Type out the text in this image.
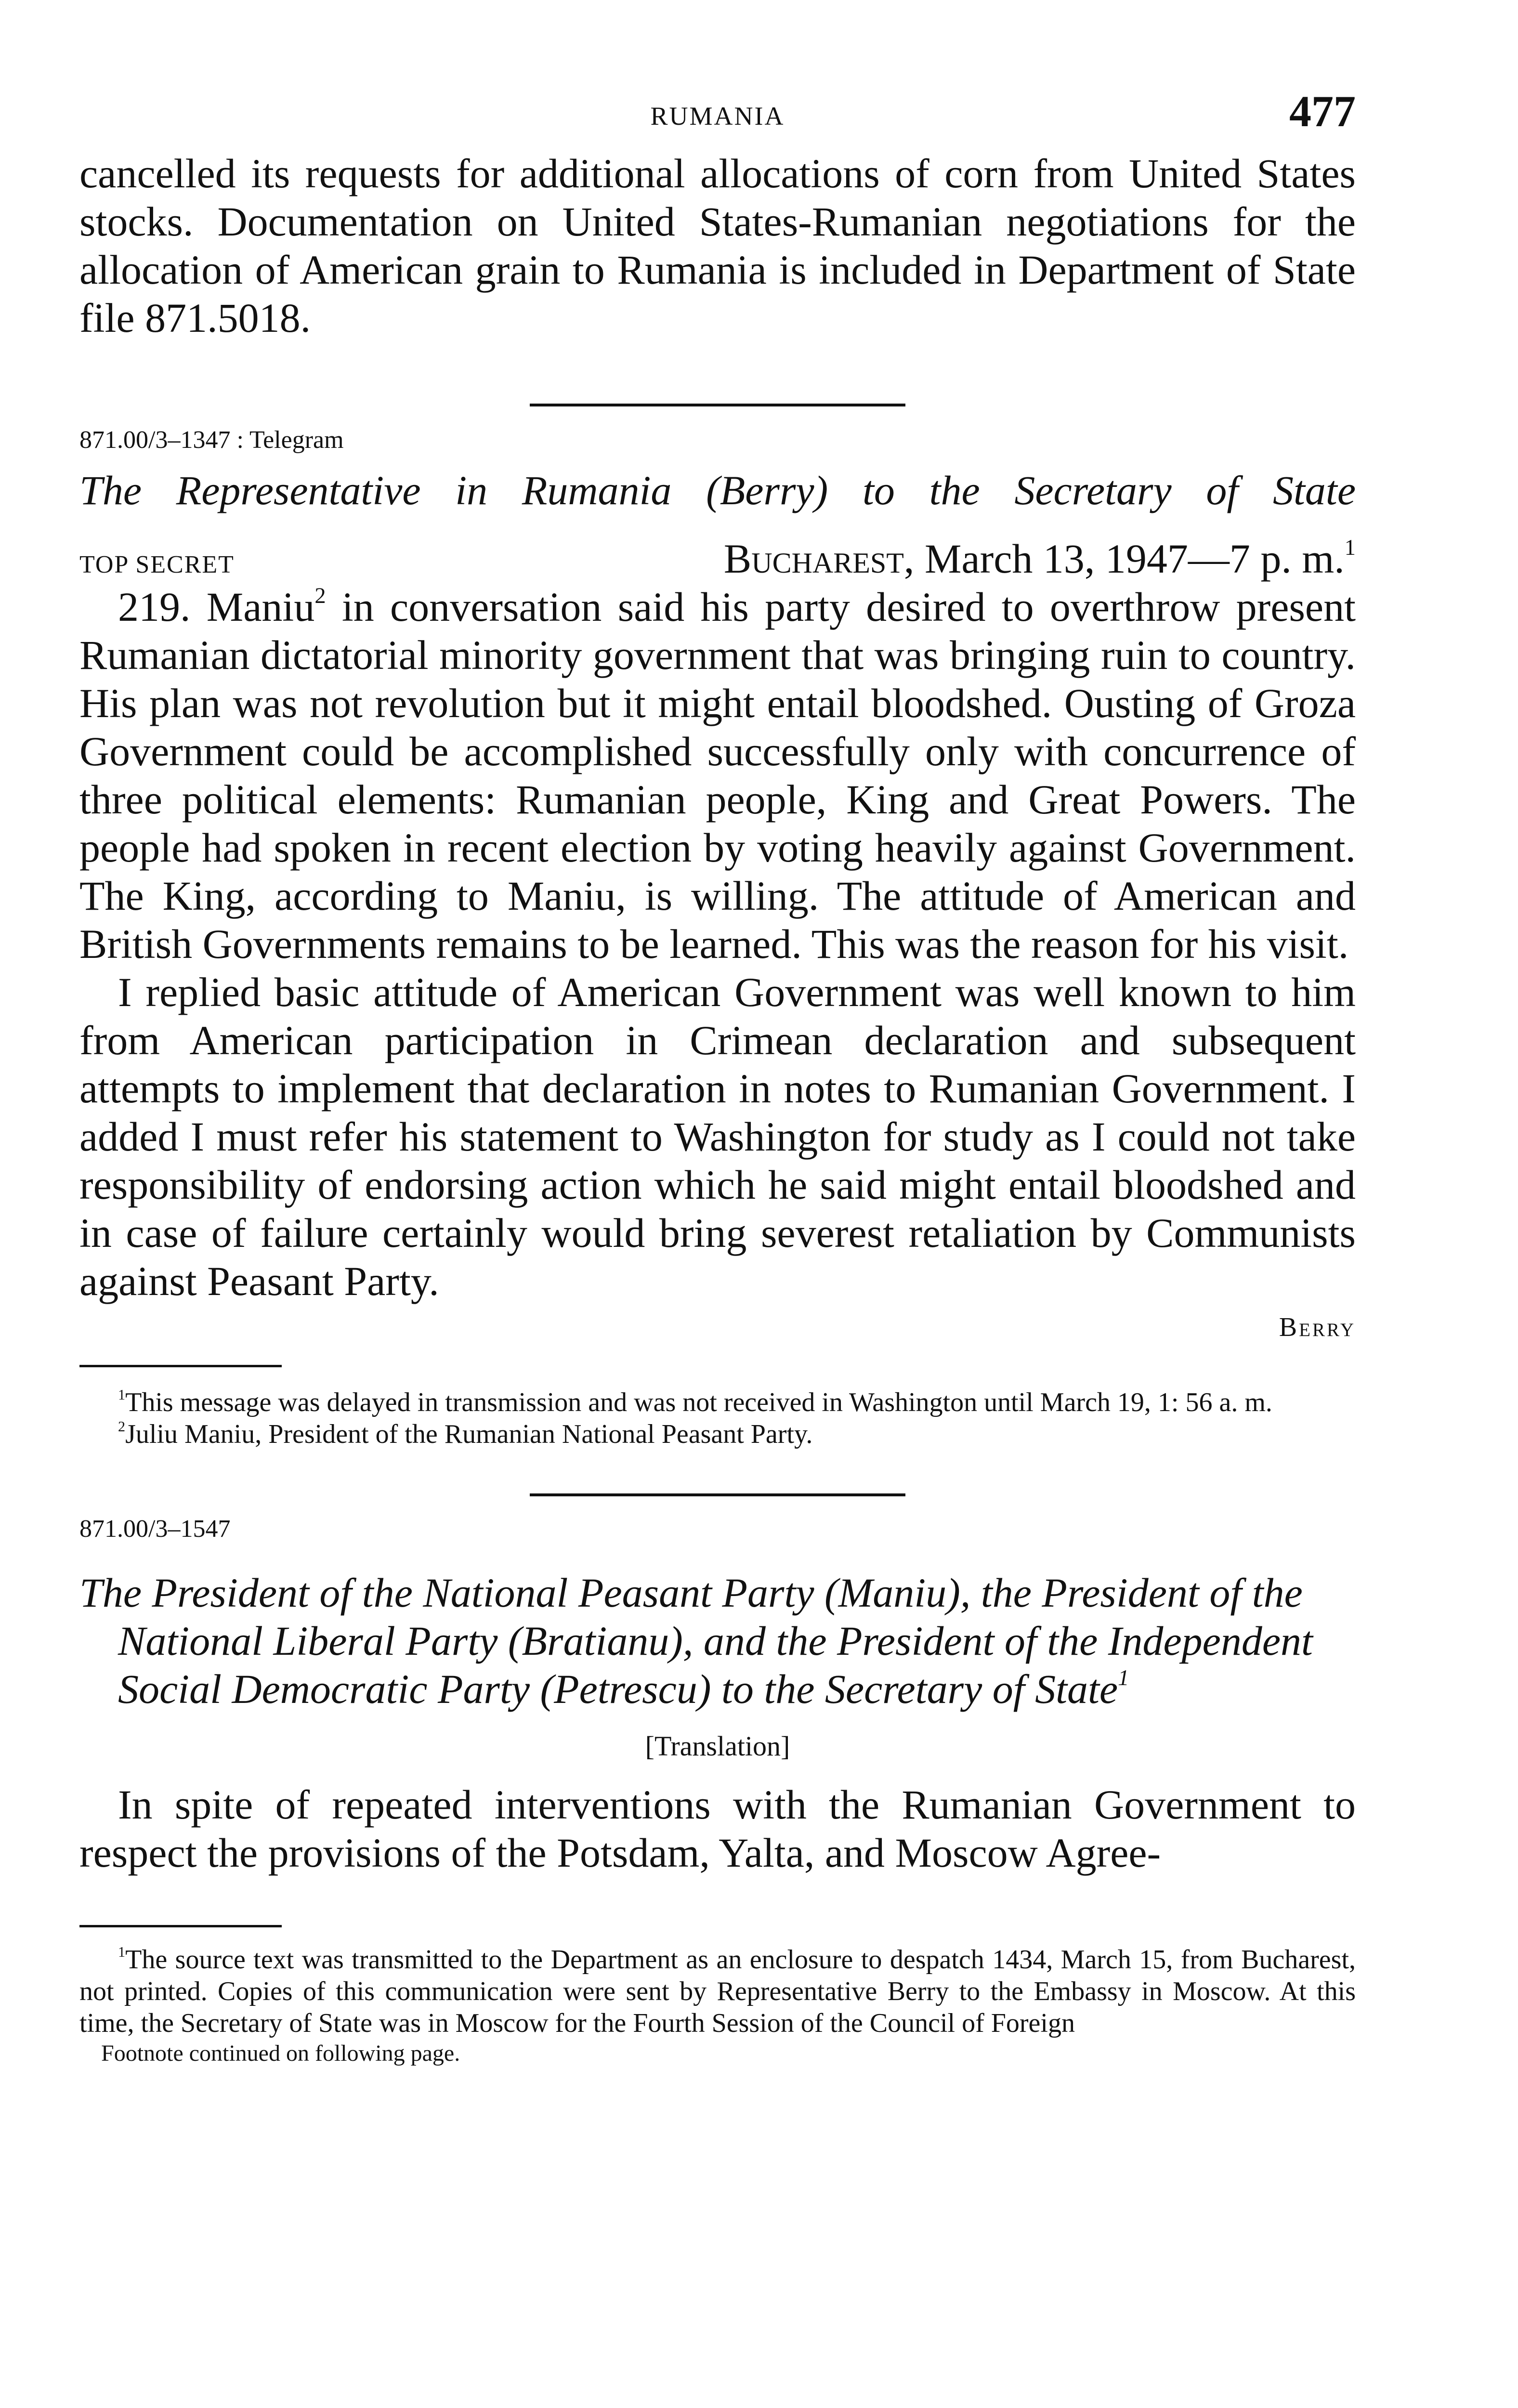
RUMANIA	477

cancelled its requests for additional allocations of corn from United States stocks. Documentation on United States-Rumanian negotiations for the allocation of American grain to Rumania is included in Department of State file 871.5018.

871.00/3–1347 : Telegram

The Representative in Rumania (Berry) to the Secretary of State

TOP SECRET	Bucharest, March 13, 1947—7 p. m.$^1$

219. Maniu$^2$ in conversation said his party desired to overthrow present Rumanian dictatorial minority government that was bringing ruin to country. His plan was not revolution but it might entail bloodshed. Ousting of Groza Government could be accomplished successfully only with concurrence of three political elements: Rumanian people, King and Great Powers. The people had spoken in recent election by voting heavily against Government. The King, according to Maniu, is willing. The attitude of American and British Governments remains to be learned. This was the reason for his visit.

I replied basic attitude of American Government was well known to him from American participation in Crimean declaration and subsequent attempts to implement that declaration in notes to Rumanian Government. I added I must refer his statement to Washington for study as I could not take responsibility of endorsing action which he said might entail bloodshed and in case of failure certainly would bring severest retaliation by Communists against Peasant Party.

Berry

$^1$This message was delayed in transmission and was not received in Washington until March 19, 1: 56 a. m.

$^2$Juliu Maniu, President of the Rumanian National Peasant Party.

871.00/3–1547

The President of the National Peasant Party (Maniu), the President of the National Liberal Party (Bratianu), and the President of the Independent Social Democratic Party (Petrescu) to the Secretary of State$^1$

[Translation]

In spite of repeated interventions with the Rumanian Government to respect the provisions of the Potsdam, Yalta, and Moscow Agree-

$^1$The source text was transmitted to the Department as an enclosure to despatch 1434, March 15, from Bucharest, not printed. Copies of this communication were sent by Representative Berry to the Embassy in Moscow. At this time, the Secretary of State was in Moscow for the Fourth Session of the Council of Foreign

Footnote continued on following page.
